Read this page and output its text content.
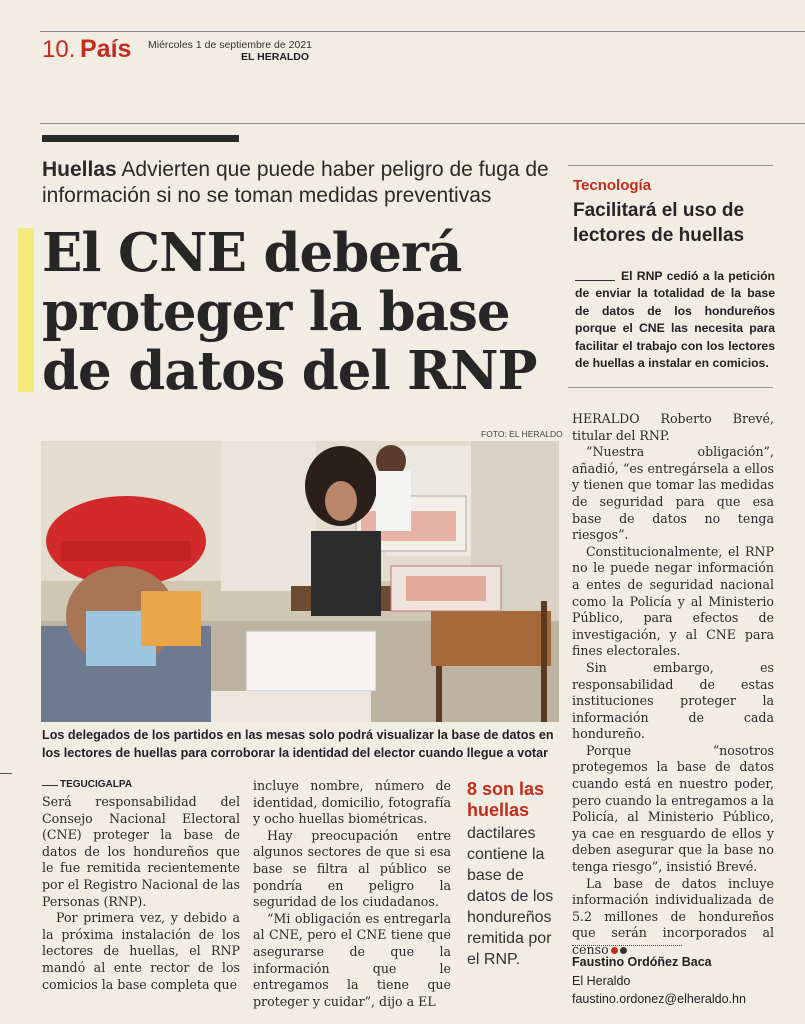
10. País Miércoles 1 de septiembre de 2021
EL HERALDO
Huellas Advierten que puede haber peligro de fuga de información si no se toman medidas preventivas
El CNE deberá proteger la base de datos del RNP
FOTO: EL HERALDO
Los delegados de los partidos en las mesas solo podrá visualizar la base de datos en los lectores de huellas para corroborar la identidad del elector cuando llegue a votar
TEGUCIGALPA

Será responsabilidad del Consejo Nacional Electoral (CNE) proteger la base de datos de los hondureños que le fue remitida recientemente por el Registro Nacional de las Personas (RNP).

Por primera vez, y debido a la próxima instalación de los lectores de huellas, el RNP mandó al ente rector de los comicios la base completa que

incluye nombre, número de identidad, domicilio, fotografía y ocho huellas biométricas.

Hay preocupación entre algunos sectores de que si esa base se filtra al público se pondría en peligro la seguridad de los ciudadanos.

“Mi obligación es entregarla al CNE, pero el CNE tiene que asegurarse de que la información que le entregamos la tiene que proteger y cuidar”, dijo a EL

8 son las huellas
dactilares contiene la base de datos de los hondureños remitida por el RNP.

HERALDO Roberto Brevé, titular del RNP.

“Nuestra obligación”, añadió, “es entregársela a ellos y tienen que tomar las medidas de seguridad para que esa base de datos no tenga riesgos”.

Constitucionalmente, el RNP no le puede negar información a entes de seguridad nacional como la Policía y al Ministerio Público, para efectos de investigación, y al CNE para fines electorales.

Sin embargo, es responsabilidad de estas instituciones proteger la información de cada hondureño.

Porque “nosotros protegemos la base de datos cuando está en nuestro poder, pero cuando la entregamos a la Policía, al Ministerio Público, ya cae en resguardo de ellos y deben asegurar que la base no tenga riesgo”, insistió Brevé.

La base de datos incluye información individualizada de 5.2 millones de hondureños que serán incorporados al censo

Tecnología
Facilitará el uso de lectores de huellas
El RNP cedió a la petición de enviar la totalidad de la base de datos de los hondureños porque el CNE las necesita para facilitar el trabajo con los lectores de huellas a instalar en comicios.
Faustino Ordóñez Baca
El Heraldo
faustino.ordonez@elheraldo.hn
